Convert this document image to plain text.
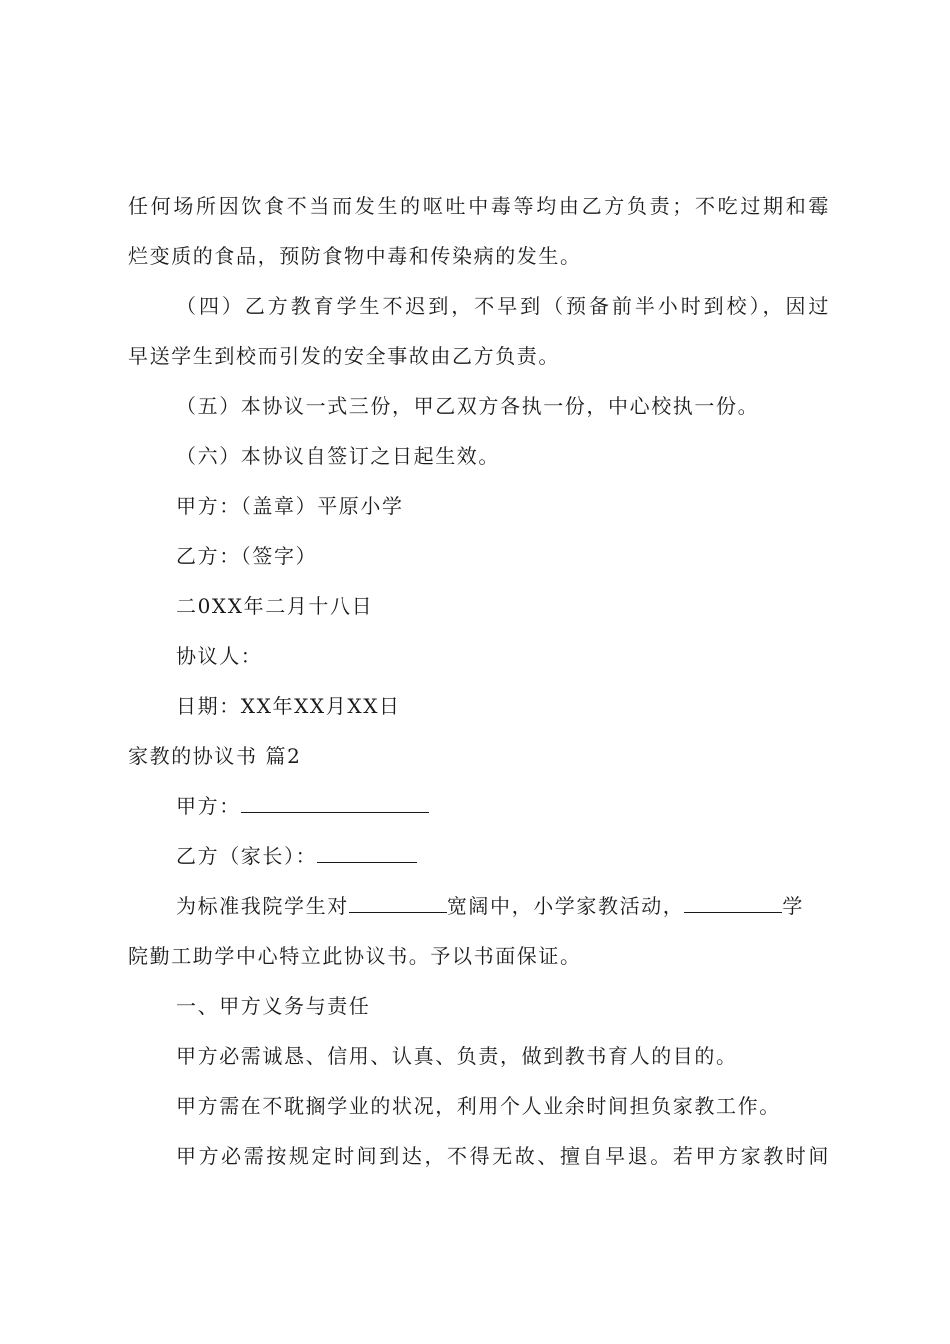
任何场所因饮食不当而发生的呕吐中毒等均由乙方负责；不吃过期和霉
烂变质的食品，预防食物中毒和传染病的发生。
（四）乙方教育学生不迟到，不早到（预备前半小时到校），因过
早送学生到校而引发的安全事故由乙方负责。
（五）本协议一式三份，甲乙双方各执一份，中心校执一份。
（六）本协议自签订之日起生效。
甲方：（盖章）平原小学
乙方：（签字）
二0XX年二月十八日
协议人：
日期：XX年XX月XX日
家教的协议书 篇2
甲方：
乙方（家长）：
为标准我院学生对	宽阔中，小学家教活动，	学
院勤工助学中心特立此协议书。予以书面保证。
一、甲方义务与责任
甲方必需诚恳、信用、认真、负责，做到教书育人的目的。
甲方需在不耽搁学业的状况，利用个人业余时间担负家教工作。
甲方必需按规定时间到达，不得无故、擅自早退。若甲方家教时间
